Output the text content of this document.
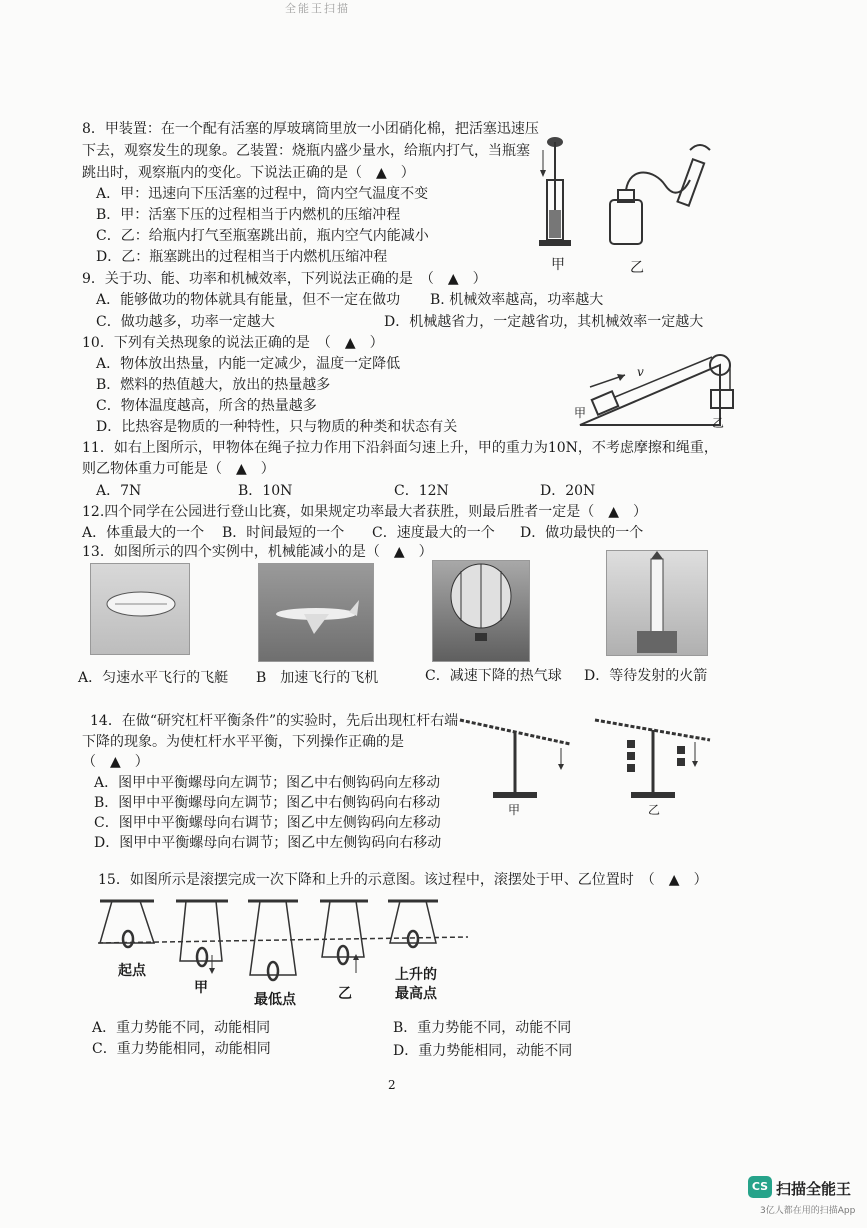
全能王扫描
8．甲装置：在一个配有活塞的厚玻璃筒里放一小团硝化棉，把活塞迅速压
下去，观察发生的现象。乙装置：烧瓶内盛少量水，给瓶内打气，当瓶塞
跳出时，观察瓶内的变化。下说法正确的是（　▲　）
A．甲：迅速向下压活塞的过程中，筒内空气温度不变
B．甲：活塞下压的过程相当于内燃机的压缩冲程
C．乙：给瓶内打气至瓶塞跳出前，瓶内空气内能减小
D．乙：瓶塞跳出的过程相当于内燃机压缩冲程	甲	乙
9．关于功、能、功率和机械效率，下列说法正确的是　（　▲　）
A．能够做功的物体就具有能量，但不一定在做功 B. 机械效率越高，功率越大
C．做功越多，功率一定越大	D．机械越省力，一定越省功，其机械效率一定越大
10．下列有关热现象的说法正确的是　（　▲　）
A．物体放出热量，内能一定减少，温度一定降低
B．燃料的热值越大，放出的热量越多
C．物体温度越高，所含的热量越多
D．比热容是物质的一种特性，只与物质的种类和状态有关
甲
乙
v
11．如右上图所示，甲物体在绳子拉力作用下沿斜面匀速上升，甲的重力为10N，不考虑摩擦和绳重，
则乙物体重力可能是（　▲　）
A．7N	B．10N	C．12N	D．20N
12.四个同学在公园进行登山比赛，如果规定功率最大者获胜，则最后胜者一定是（　▲　）
A．体重最大的一个 B．时间最短的一个 C．速度最大的一个 D．做功最快的一个
13．如图所示的四个实例中，机械能减小的是（　▲　）
A．匀速水平飞行的飞艇 B　加速飞行的飞机	C．减速下降的热气球 D．等待发射的火箭
14．在做“研究杠杆平衡条件”的实验时，先后出现杠杆右端
下降的现象。为使杠杆水平平衡，下列操作正确的是
（　▲　）
A．图甲中平衡螺母向左调节；图乙中右侧钩码向左移动
B．图甲中平衡螺母向左调节；图乙中右侧钩码向右移动
C．图甲中平衡螺母向右调节；图乙中左侧钩码向左移动
D．图甲中平衡螺母向右调节；图乙中左侧钩码向右移动
甲	乙
15．如图所示是滚摆完成一次下降和上升的示意图。该过程中，滚摆处于甲、乙位置时　（　▲　）
起点
甲
最低点	乙
上升的
最高点
A．重力势能不同，动能相同	B．重力势能不同，动能不同
C．重力势能相同，动能相同	D．重力势能相同，动能不同
2
CS 扫描全能王
3亿人都在用的扫描App
